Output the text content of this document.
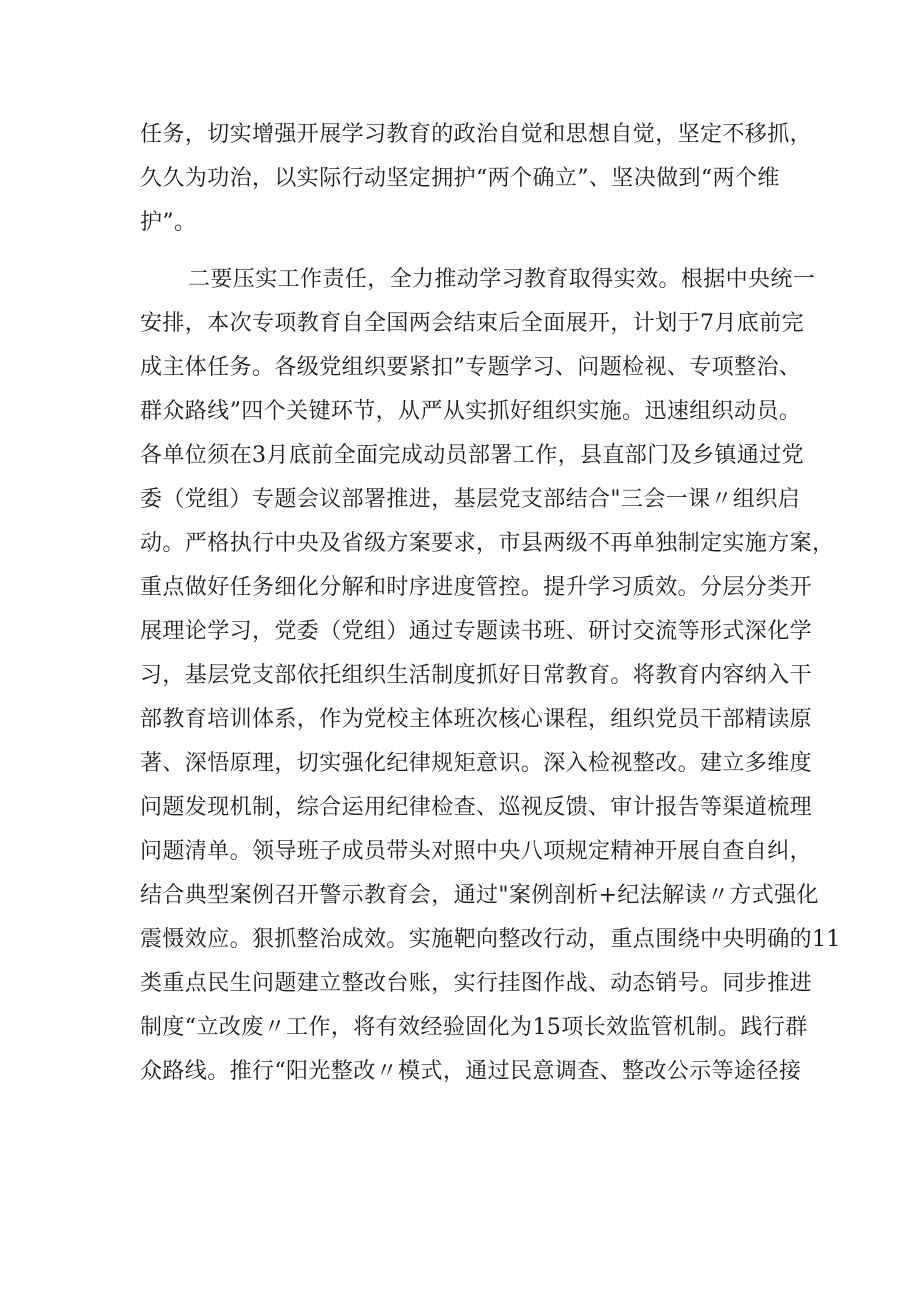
任务，切实增强开展学习教育的政治自觉和思想自觉，坚定不移抓，
久久为功治，以实际行动坚定拥护“两个确立”、坚决做到“两个维
护”。
二要压实工作责任，全力推动学习教育取得实效。根据中央统一
安排，本次专项教育自全国两会结束后全面展开，计划于7月底前完
成主体任务。各级党组织要紧扣”专题学习、问题检视、专项整治、
群众路线”四个关键环节，从严从实抓好组织实施。迅速组织动员。
各单位须在3月底前全面完成动员部署工作，县直部门及乡镇通过党
委（党组）专题会议部署推进，基层党支部结合"三会一课〃组织启
动。严格执行中央及省级方案要求，市县两级不再单独制定实施方案，
重点做好任务细化分解和时序进度管控。提升学习质效。分层分类开
展理论学习，党委（党组）通过专题读书班、研讨交流等形式深化学
习，基层党支部依托组织生活制度抓好日常教育。将教育内容纳入干
部教育培训体系，作为党校主体班次核心课程，组织党员干部精读原
著、深悟原理，切实强化纪律规矩意识。深入检视整改。建立多维度
问题发现机制，综合运用纪律检查、巡视反馈、审计报告等渠道梳理
问题清单。领导班子成员带头对照中央八项规定精神开展自查自纠，
结合典型案例召开警示教育会，通过"案例剖析+纪法解读〃方式强化
震慑效应。狠抓整治成效。实施靶向整改行动，重点围绕中央明确的11
类重点民生问题建立整改台账，实行挂图作战、动态销号。同步推进
制度“立改废〃工作，将有效经验固化为15项长效监管机制。践行群
众路线。推行“阳光整改〃模式，通过民意调查、整改公示等途径接
